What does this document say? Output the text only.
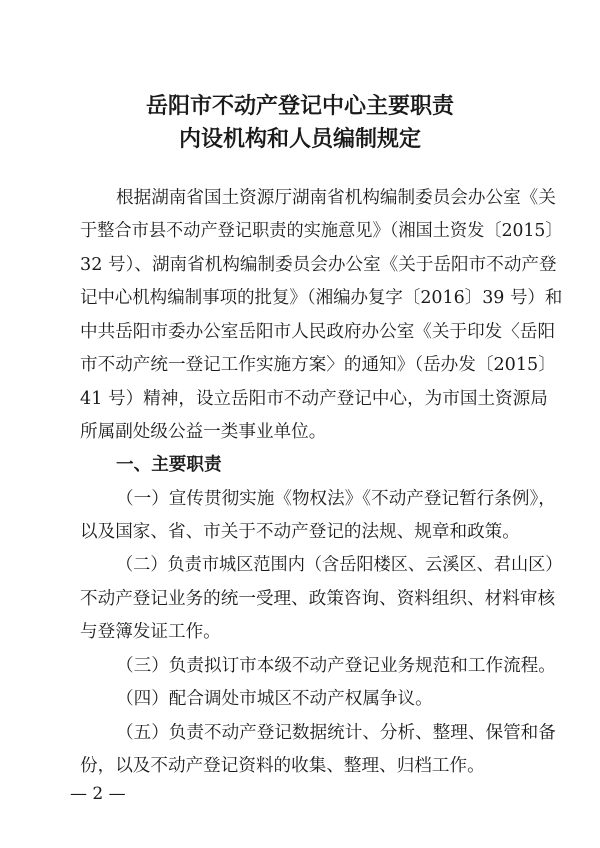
岳阳市不动产登记中心主要职责
内设机构和人员编制规定
根据湖南省国土资源厅湖南省机构编制委员会办公室《关
于整合市县不动产登记职责的实施意见》（湘国土资发〔2015〕
32 号）、湖南省机构编制委员会办公室《关于岳阳市不动产登
记中心机构编制事项的批复》（湘编办复字〔2016〕39 号）和
中共岳阳市委办公室岳阳市人民政府办公室《关于印发〈岳阳
市不动产统一登记工作实施方案〉的通知》（岳办发〔2015〕
41 号）精神，设立岳阳市不动产登记中心，为市国土资源局
所属副处级公益一类事业单位。
一、主要职责
（一）宣传贯彻实施《物权法》《不动产登记暂行条例》，
以及国家、省、市关于不动产登记的法规、规章和政策。
（二）负责市城区范围内（含岳阳楼区、云溪区、君山区）
不动产登记业务的统一受理、政策咨询、资料组织、材料审核
与登簿发证工作。
（三）负责拟订市本级不动产登记业务规范和工作流程。
（四）配合调处市城区不动产权属争议。
（五）负责不动产登记数据统计、分析、整理、保管和备
份，以及不动产登记资料的收集、整理、归档工作。
— 2 —
